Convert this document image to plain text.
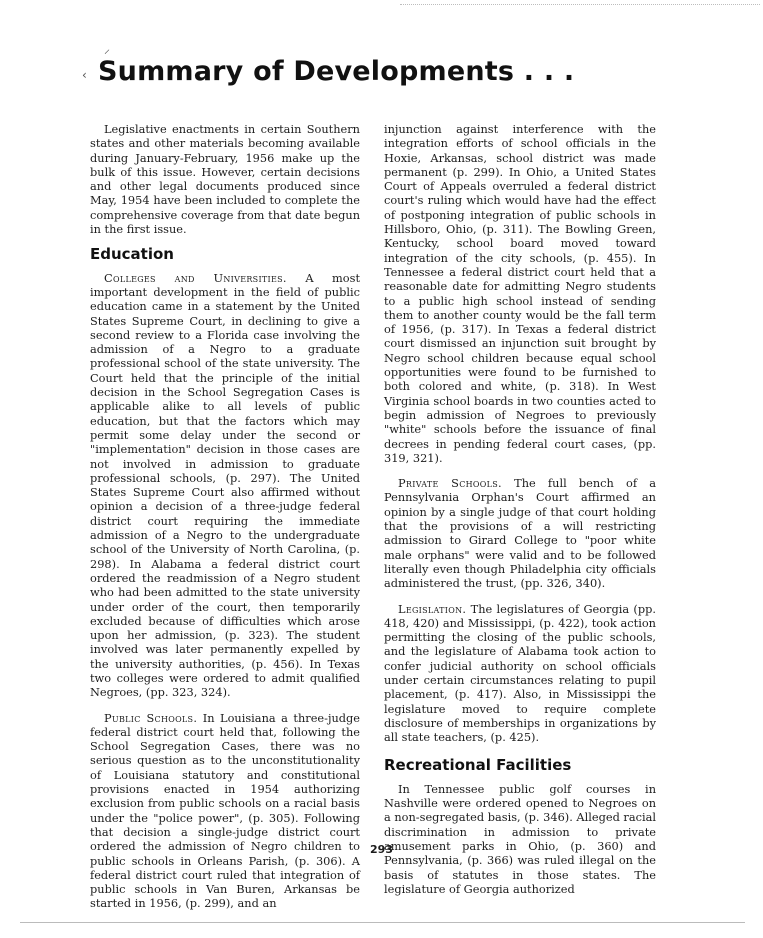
⸝
‹ Summary of Developments . . .

Legislative enactments in certain Southern states and other materials becoming available during January-February, 1956 make up the bulk of this issue. However, certain decisions and other legal documents produced since May, 1954 have been included to complete the comprehensive coverage from that date begun in the first issue.

Education

Colleges and Universities. A most important development in the field of public education came in a statement by the United States Supreme Court, in declining to give a second review to a Florida case involving the admission of a Negro to a graduate professional school of the state university. The Court held that the principle of the initial decision in the School Segregation Cases is applicable alike to all levels of public education, but that the factors which may permit some delay under the second or "implementation" decision in those cases are not involved in admission to graduate professional schools, (p. 297). The United States Supreme Court also affirmed without opinion a decision of a three-judge federal district court requiring the immediate admission of a Negro to the undergraduate school of the University of North Carolina, (p. 298). In Alabama a federal district court ordered the readmission of a Negro student who had been admitted to the state university under order of the court, then temporarily excluded because of difficulties which arose upon her admission, (p. 323). The student involved was later permanently expelled by the university authorities, (p. 456). In Texas two colleges were ordered to admit qualified Negroes, (pp. 323, 324).

Public Schools. In Louisiana a three-judge federal district court held that, following the School Segregation Cases, there was no serious question as to the unconstitutionality of Louisiana statutory and constitutional provisions enacted in 1954 authorizing exclusion from public schools on a racial basis under the "police power", (p. 305). Following that decision a single-judge district court ordered the admission of Negro children to public schools in Orleans Parish, (p. 306). A federal district court ruled that integration of public schools in Van Buren, Arkansas be started in 1956, (p. 299), and an

injunction against interference with the integration efforts of school officials in the Hoxie, Arkansas, school district was made permanent (p. 299). In Ohio, a United States Court of Appeals overruled a federal district court's ruling which would have had the effect of postponing integration of public schools in Hillsboro, Ohio, (p. 311). The Bowling Green, Kentucky, school board moved toward integration of the city schools, (p. 455). In Tennessee a federal district court held that a reasonable date for admitting Negro students to a public high school instead of sending them to another county would be the fall term of 1956, (p. 317). In Texas a federal district court dismissed an injunction suit brought by Negro school children because equal school opportunities were found to be furnished to both colored and white, (p. 318). In West Virginia school boards in two counties acted to begin admission of Negroes to previously "white" schools before the issuance of final decrees in pending federal court cases, (pp. 319, 321).

Private Schools. The full bench of a Pennsylvania Orphan's Court affirmed an opinion by a single judge of that court holding that the provisions of a will restricting admission to Girard College to "poor white male orphans" were valid and to be followed literally even though Philadelphia city officials administered the trust, (pp. 326, 340).

Legislation. The legislatures of Georgia (pp. 418, 420) and Mississippi, (p. 422), took action permitting the closing of the public schools, and the legislature of Alabama took action to confer judicial authority on school officials under certain circumstances relating to pupil placement, (p. 417). Also, in Mississippi the legislature moved to require complete disclosure of memberships in organizations by all state teachers, (p. 425).

Recreational Facilities

In Tennessee public golf courses in Nashville were ordered opened to Negroes on a non-segregated basis, (p. 346). Alleged racial discrimination in admission to private amusement parks in Ohio, (p. 360) and Pennsylvania, (p. 366) was ruled illegal on the basis of statutes in those states. The legislature of Georgia authorized

293
